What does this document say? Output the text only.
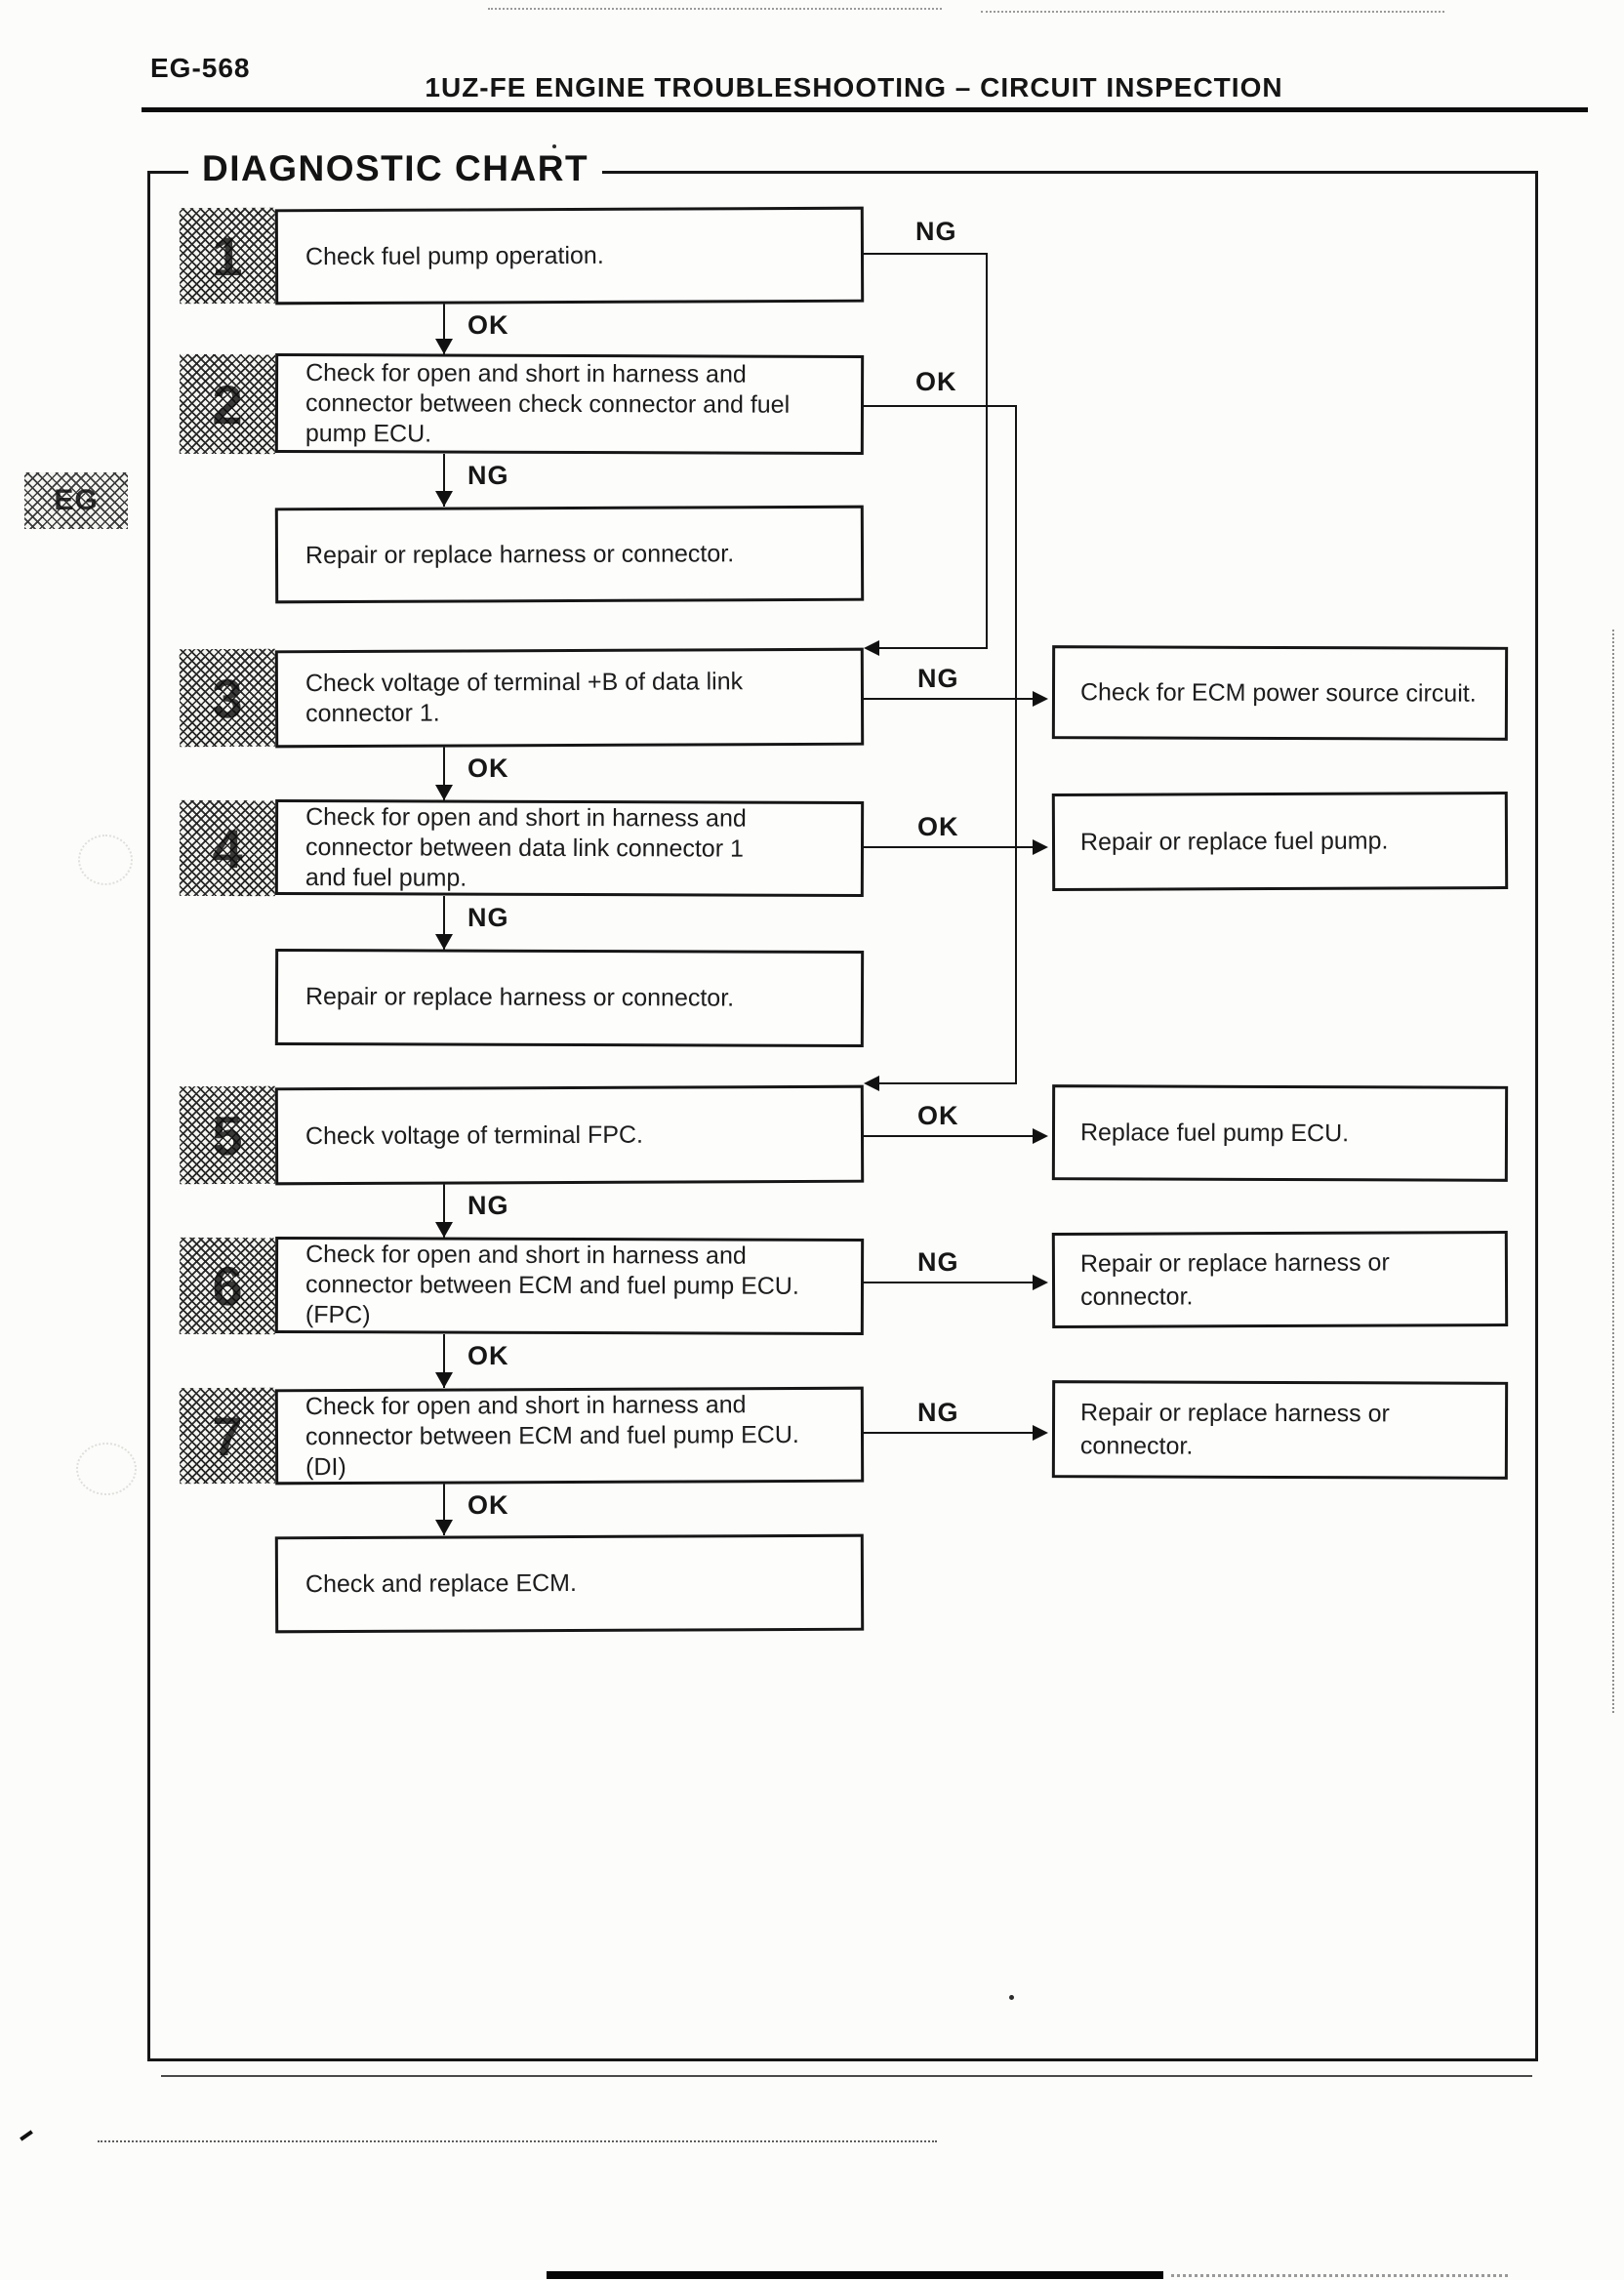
EG-568
1UZ-FE ENGINE TROUBLESHOOTING – CIRCUIT INSPECTION
EG
DIAGNOSTIC CHART
1	Check fuel pump operation.
OK
NG
2
Check for open and short in harness and
connector between check connector and fuel
pump ECU.
NG
OK
Repair or replace harness or connector.
3	Check voltage of terminal +B of data link
connector 1.
OK
NG	Check for ECM power source circuit.
4
Check for open and short in harness and
connector between data link connector 1
and fuel pump.
NG
OK
Repair or replace fuel pump.
Repair or replace harness or connector.
5	Check voltage of terminal FPC.
NG
OK
Replace fuel pump ECU.
6
Check for open and short in harness and
connector between ECM and fuel pump ECU.
(FPC)
OK
NG	Repair or replace harness or
connector.
7	Check for open and short in harness and
connector between ECM and fuel pump ECU.
(DI)
OK
NG	Repair or replace harness or
connector.
Check and replace ECM.
